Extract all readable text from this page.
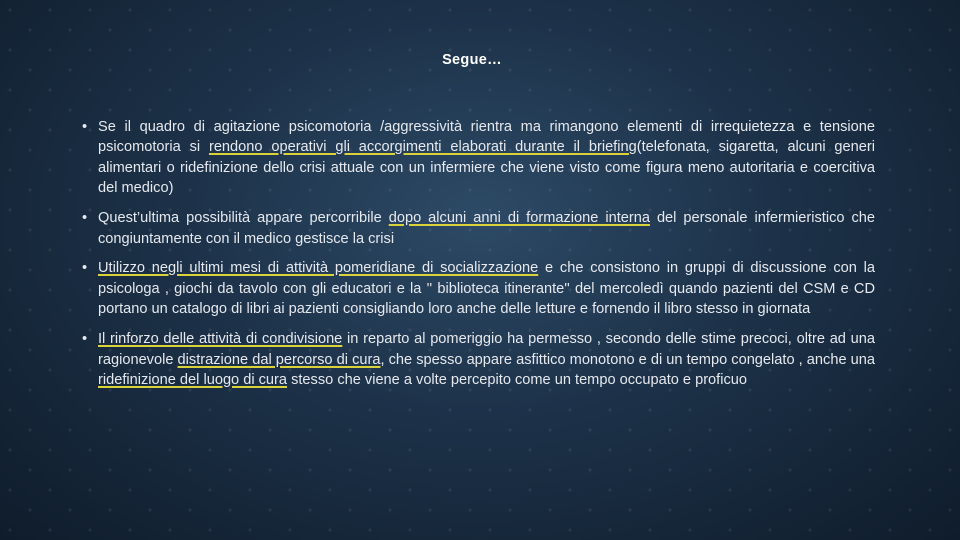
Segue…
• Se il quadro di agitazione psicomotoria /aggressività rientra ma rimangono elementi di irrequietezza e tensione psicomotoria si rendono operativi gli accorgimenti elaborati durante il briefing(telefonata, sigaretta, alcuni generi alimentari o ridefinizione dello crisi attuale con un infermiere che viene visto come figura meno autoritaria e coercitiva del medico)
• Quest’ultima possibilità appare percorribile dopo alcuni anni di formazione interna del personale infermieristico che congiuntamente con il medico gestisce la crisi
• Utilizzo negli ultimi mesi di attività pomeridiane di socializzazione e che consistono in gruppi di discussione con la psicologa , giochi da tavolo con gli educatori e la '' biblioteca itinerante'' del mercoledì quando pazienti del CSM e CD portano un catalogo di libri ai pazienti consigliando loro anche delle letture e fornendo il libro stesso in giornata
• Il rinforzo delle attività di condivisione in reparto al pomeriggio ha permesso , secondo delle stime precoci, oltre ad una ragionevole distrazione dal percorso di cura, che spesso appare asfittico monotono e di un tempo congelato , anche una ridefinizione del luogo di cura stesso che viene a volte percepito come un tempo occupato e proficuo
